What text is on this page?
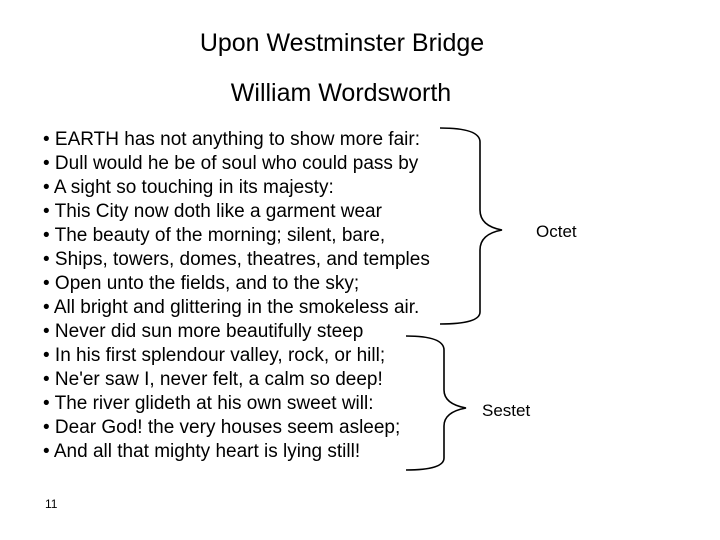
Upon Westminster Bridge
William Wordsworth
• EARTH has not anything to show more fair:
• Dull would he be of soul who could pass by
• A sight so touching in its majesty:
• This City now doth like a garment wear
• The beauty of the morning; silent, bare,
• Ships, towers, domes, theatres, and temples
• Open unto the fields, and to the sky;
• All bright and glittering in the smokeless air.
• Never did sun more beautifully steep
• In his first splendour valley, rock, or hill;
• Ne'er saw I, never felt, a calm so deep!
• The river glideth at his own sweet will:
• Dear God! the very houses seem asleep;
• And all that mighty heart is lying still!
Octet
Sestet
11
